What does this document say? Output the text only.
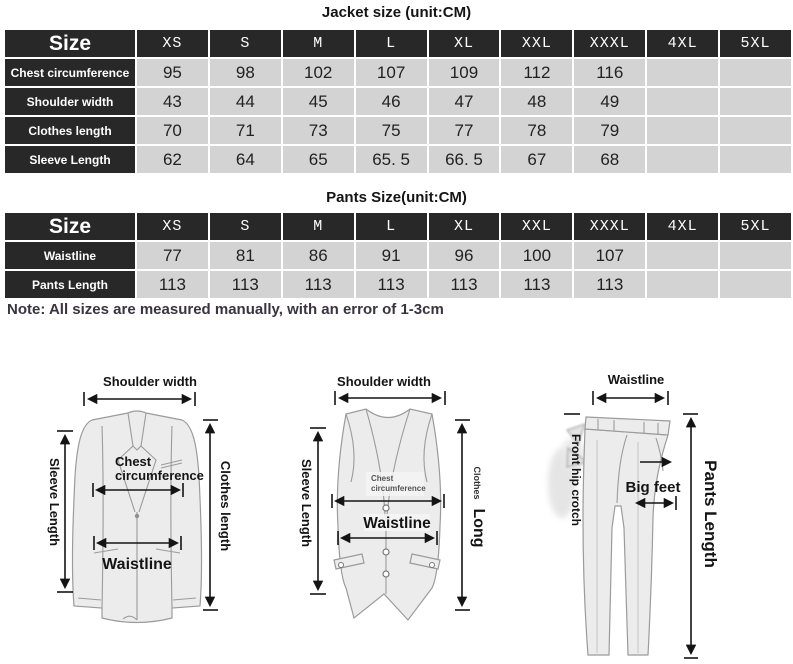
Jacket size (unit:CM)
Size	XS	S	M	L	XL	XXL	XXXL	4XL	5XL
Chest circumference	95	98	102	107	109	112	116
Shoulder width	43	44	45	46	47	48	49
Clothes length	70	71	73	75	77	78	79
Sleeve Length	62	64	65	65. 5	66. 5	67	68
Pants Size(unit:CM)
Size	XS	S	M	L	XL	XXL	XXXL	4XL	5XL
Waistline	77	81	86	91	96	100	107
Pants Length	113	113	113	113	113	113	113
Note: All sizes are measured manually, with an error of 1-3cm
Shoulder width
Sleeve Length	Chest
circumference
Waistline
Clothes length
Shoulder width
Sleeve Length	Chest
circumference
Waistline
Clothes
Long
Waistline
Front hip crotch	Big feet Pants Length
